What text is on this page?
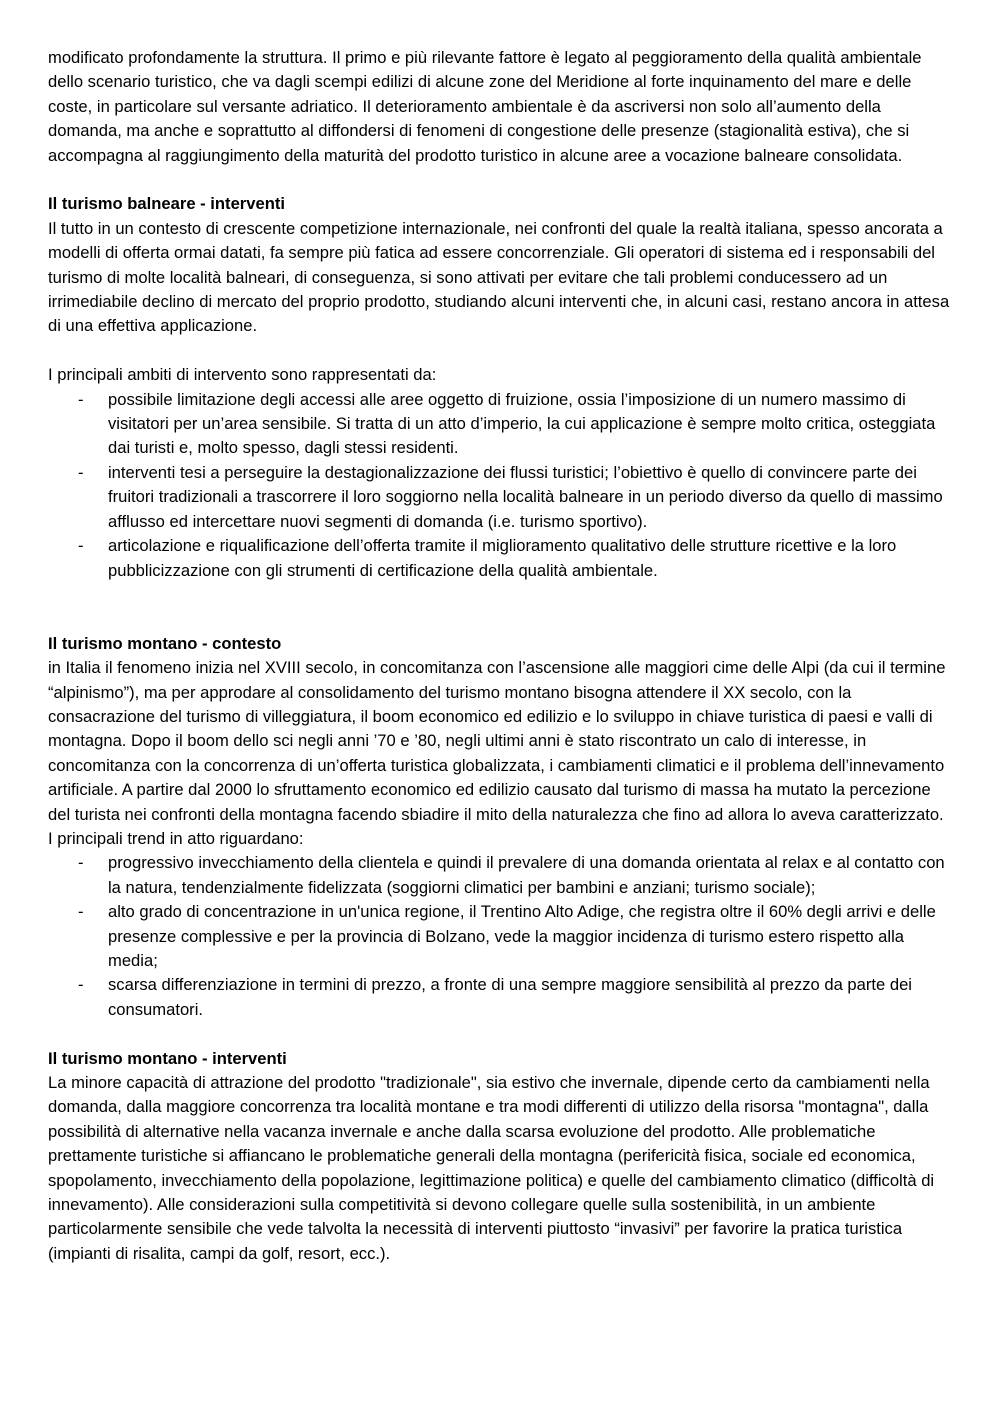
modificato profondamente la struttura. Il primo e più rilevante fattore è legato al peggioramento della qualità ambientale dello scenario turistico, che va dagli scempi edilizi di alcune zone del Meridione al forte inquinamento del mare e delle coste, in particolare sul versante adriatico. Il deterioramento ambientale è da ascriversi non solo all’aumento della domanda, ma anche e soprattutto al diffondersi di fenomeni di congestione delle presenze (stagionalità estiva), che si accompagna al raggiungimento della maturità del prodotto turistico in alcune aree a vocazione balneare consolidata.

Il turismo balneare - interventi

Il tutto in un contesto di crescente competizione internazionale, nei confronti del quale la realtà italiana, spesso ancorata a modelli di offerta ormai datati, fa sempre più fatica ad essere concorrenziale. Gli operatori di sistema ed i responsabili del turismo di molte località balneari, di conseguenza, si sono attivati per evitare che tali problemi conducessero ad un irrimediabile declino di mercato del proprio prodotto, studiando alcuni interventi che, in alcuni casi, restano ancora in attesa di una effettiva applicazione.

I principali ambiti di intervento sono rappresentati da:

- possibile limitazione degli accessi alle aree oggetto di fruizione, ossia l’imposizione di un numero massimo di visitatori per un’area sensibile. Si tratta di un atto d’imperio, la cui applicazione è sempre molto critica, osteggiata dai turisti e, molto spesso, dagli stessi residenti.
- interventi tesi a perseguire la destagionalizzazione dei flussi turistici; l’obiettivo è quello di convincere parte dei fruitori tradizionali a trascorrere il loro soggiorno nella località balneare in un periodo diverso da quello di massimo afflusso ed intercettare nuovi segmenti di domanda (i.e. turismo sportivo).
- articolazione e riqualificazione dell’offerta tramite il miglioramento qualitativo delle strutture ricettive e la loro pubblicizzazione con gli strumenti di certificazione della qualità ambientale.
Il turismo montano - contesto

in Italia il fenomeno inizia nel XVIII secolo, in concomitanza con l’ascensione alle maggiori cime delle Alpi (da cui il termine “alpinismo”), ma per approdare al consolidamento del turismo montano bisogna attendere il XX secolo, con la consacrazione del turismo di villeggiatura, il boom economico ed edilizio e lo sviluppo in chiave turistica di paesi e valli di montagna. Dopo il boom dello sci negli anni ’70 e ’80, negli ultimi anni è stato riscontrato un calo di interesse, in concomitanza con la concorrenza di un’offerta turistica globalizzata, i cambiamenti climatici e il problema dell’innevamento artificiale. A partire dal 2000 lo sfruttamento economico ed edilizio causato dal turismo di massa ha mutato la percezione del turista nei confronti della montagna facendo sbiadire il mito della naturalezza che fino ad allora lo aveva caratterizzato.

I principali trend in atto riguardano:

- progressivo invecchiamento della clientela e quindi il prevalere di una domanda orientata al relax e al contatto con la natura, tendenzialmente fidelizzata (soggiorni climatici per bambini e anziani; turismo sociale);
- alto grado di concentrazione in un'unica regione, il Trentino Alto Adige, che registra oltre il 60% degli arrivi e delle presenze complessive e per la provincia di Bolzano, vede la maggior incidenza di turismo estero rispetto alla media;
- scarsa differenziazione in termini di prezzo, a fronte di una sempre maggiore sensibilità al prezzo da parte dei consumatori.
Il turismo montano - interventi

La minore capacità di attrazione del prodotto "tradizionale", sia estivo che invernale, dipende certo da cambiamenti nella domanda, dalla maggiore concorrenza tra località montane e tra modi differenti di utilizzo della risorsa "montagna", dalla possibilità di alternative nella vacanza invernale e anche dalla scarsa evoluzione del prodotto. Alle problematiche prettamente turistiche si affiancano le problematiche generali della montagna (perifericità fisica, sociale ed economica, spopolamento, invecchiamento della popolazione, legittimazione politica) e quelle del cambiamento climatico (difficoltà di innevamento). Alle considerazioni sulla competitività si devono collegare quelle sulla sostenibilità, in un ambiente particolarmente sensibile che vede talvolta la necessità di interventi piuttosto “invasivi” per favorire la pratica turistica (impianti di risalita, campi da golf, resort, ecc.).
